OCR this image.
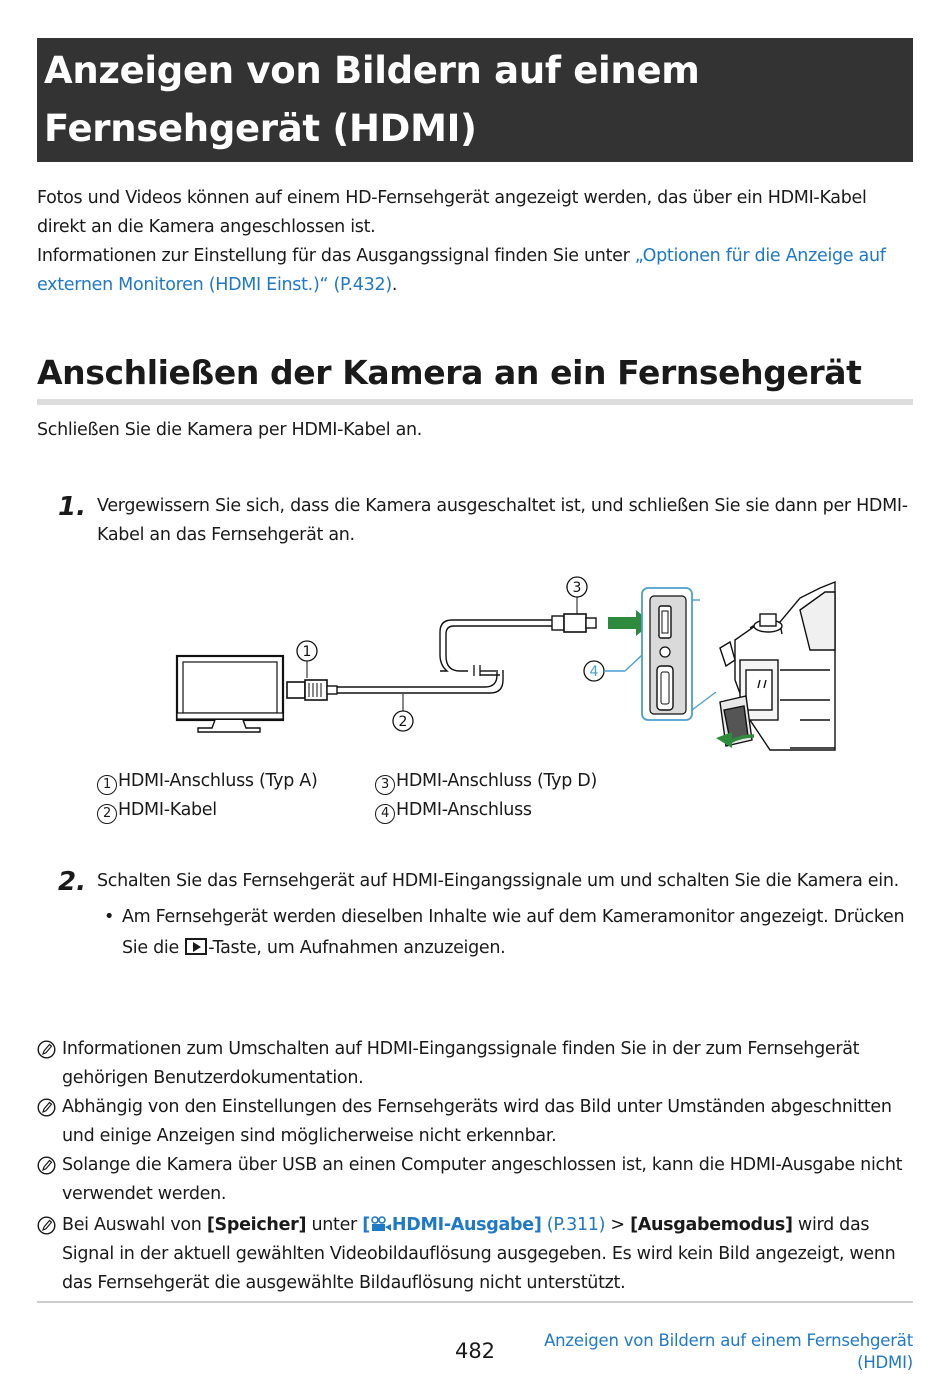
Anzeigen von Bildern auf einem Fernsehgerät (HDMI)
Fotos und Videos können auf einem HD-Fernsehgerät angezeigt werden, das über ein HDMI-Kabel direkt an die Kamera angeschlossen ist.
Informationen zur Einstellung für das Ausgangssignal finden Sie unter „Optionen für die Anzeige auf externen Monitoren (HDMI Einst.)“ (P.432).
Anschließen der Kamera an ein Fernsehgerät
Schließen Sie die Kamera per HDMI-Kabel an.
1. Vergewissern Sie sich, dass die Kamera ausgeschaltet ist, und schließen Sie sie dann per HDMI-Kabel an das Fernsehgerät an.
1
2
3
4
1 HDMI-Anschluss (Typ A)
2 HDMI-Kabel
3 HDMI-Anschluss (Typ D)
4 HDMI-Anschluss
2. Schalten Sie das Fernsehgerät auf HDMI-Eingangssignale um und schalten Sie die Kamera ein.
• Am Fernsehgerät werden dieselben Inhalte wie auf dem Kameramonitor angezeigt. Drücken Sie die -Taste, um Aufnahmen anzuzeigen.
Informationen zum Umschalten auf HDMI-Eingangssignale finden Sie in der zum Fernsehgerät gehörigen Benutzerdokumentation.
Abhängig von den Einstellungen des Fernsehgeräts wird das Bild unter Umständen abgeschnitten und einige Anzeigen sind möglicherweise nicht erkennbar.
Solange die Kamera über USB an einen Computer angeschlossen ist, kann die HDMI-Ausgabe nicht verwendet werden.
Bei Auswahl von [Speicher] unter [ HDMI-Ausgabe] (P.311) > [Ausgabemodus] wird das Signal in der aktuell gewählten Videobildauflösung ausgegeben. Es wird kein Bild angezeigt, wenn das Fernsehgerät die ausgewählte Bildauflösung nicht unterstützt.
482	Anzeigen von Bildern auf einem Fernsehgerät (HDMI)
